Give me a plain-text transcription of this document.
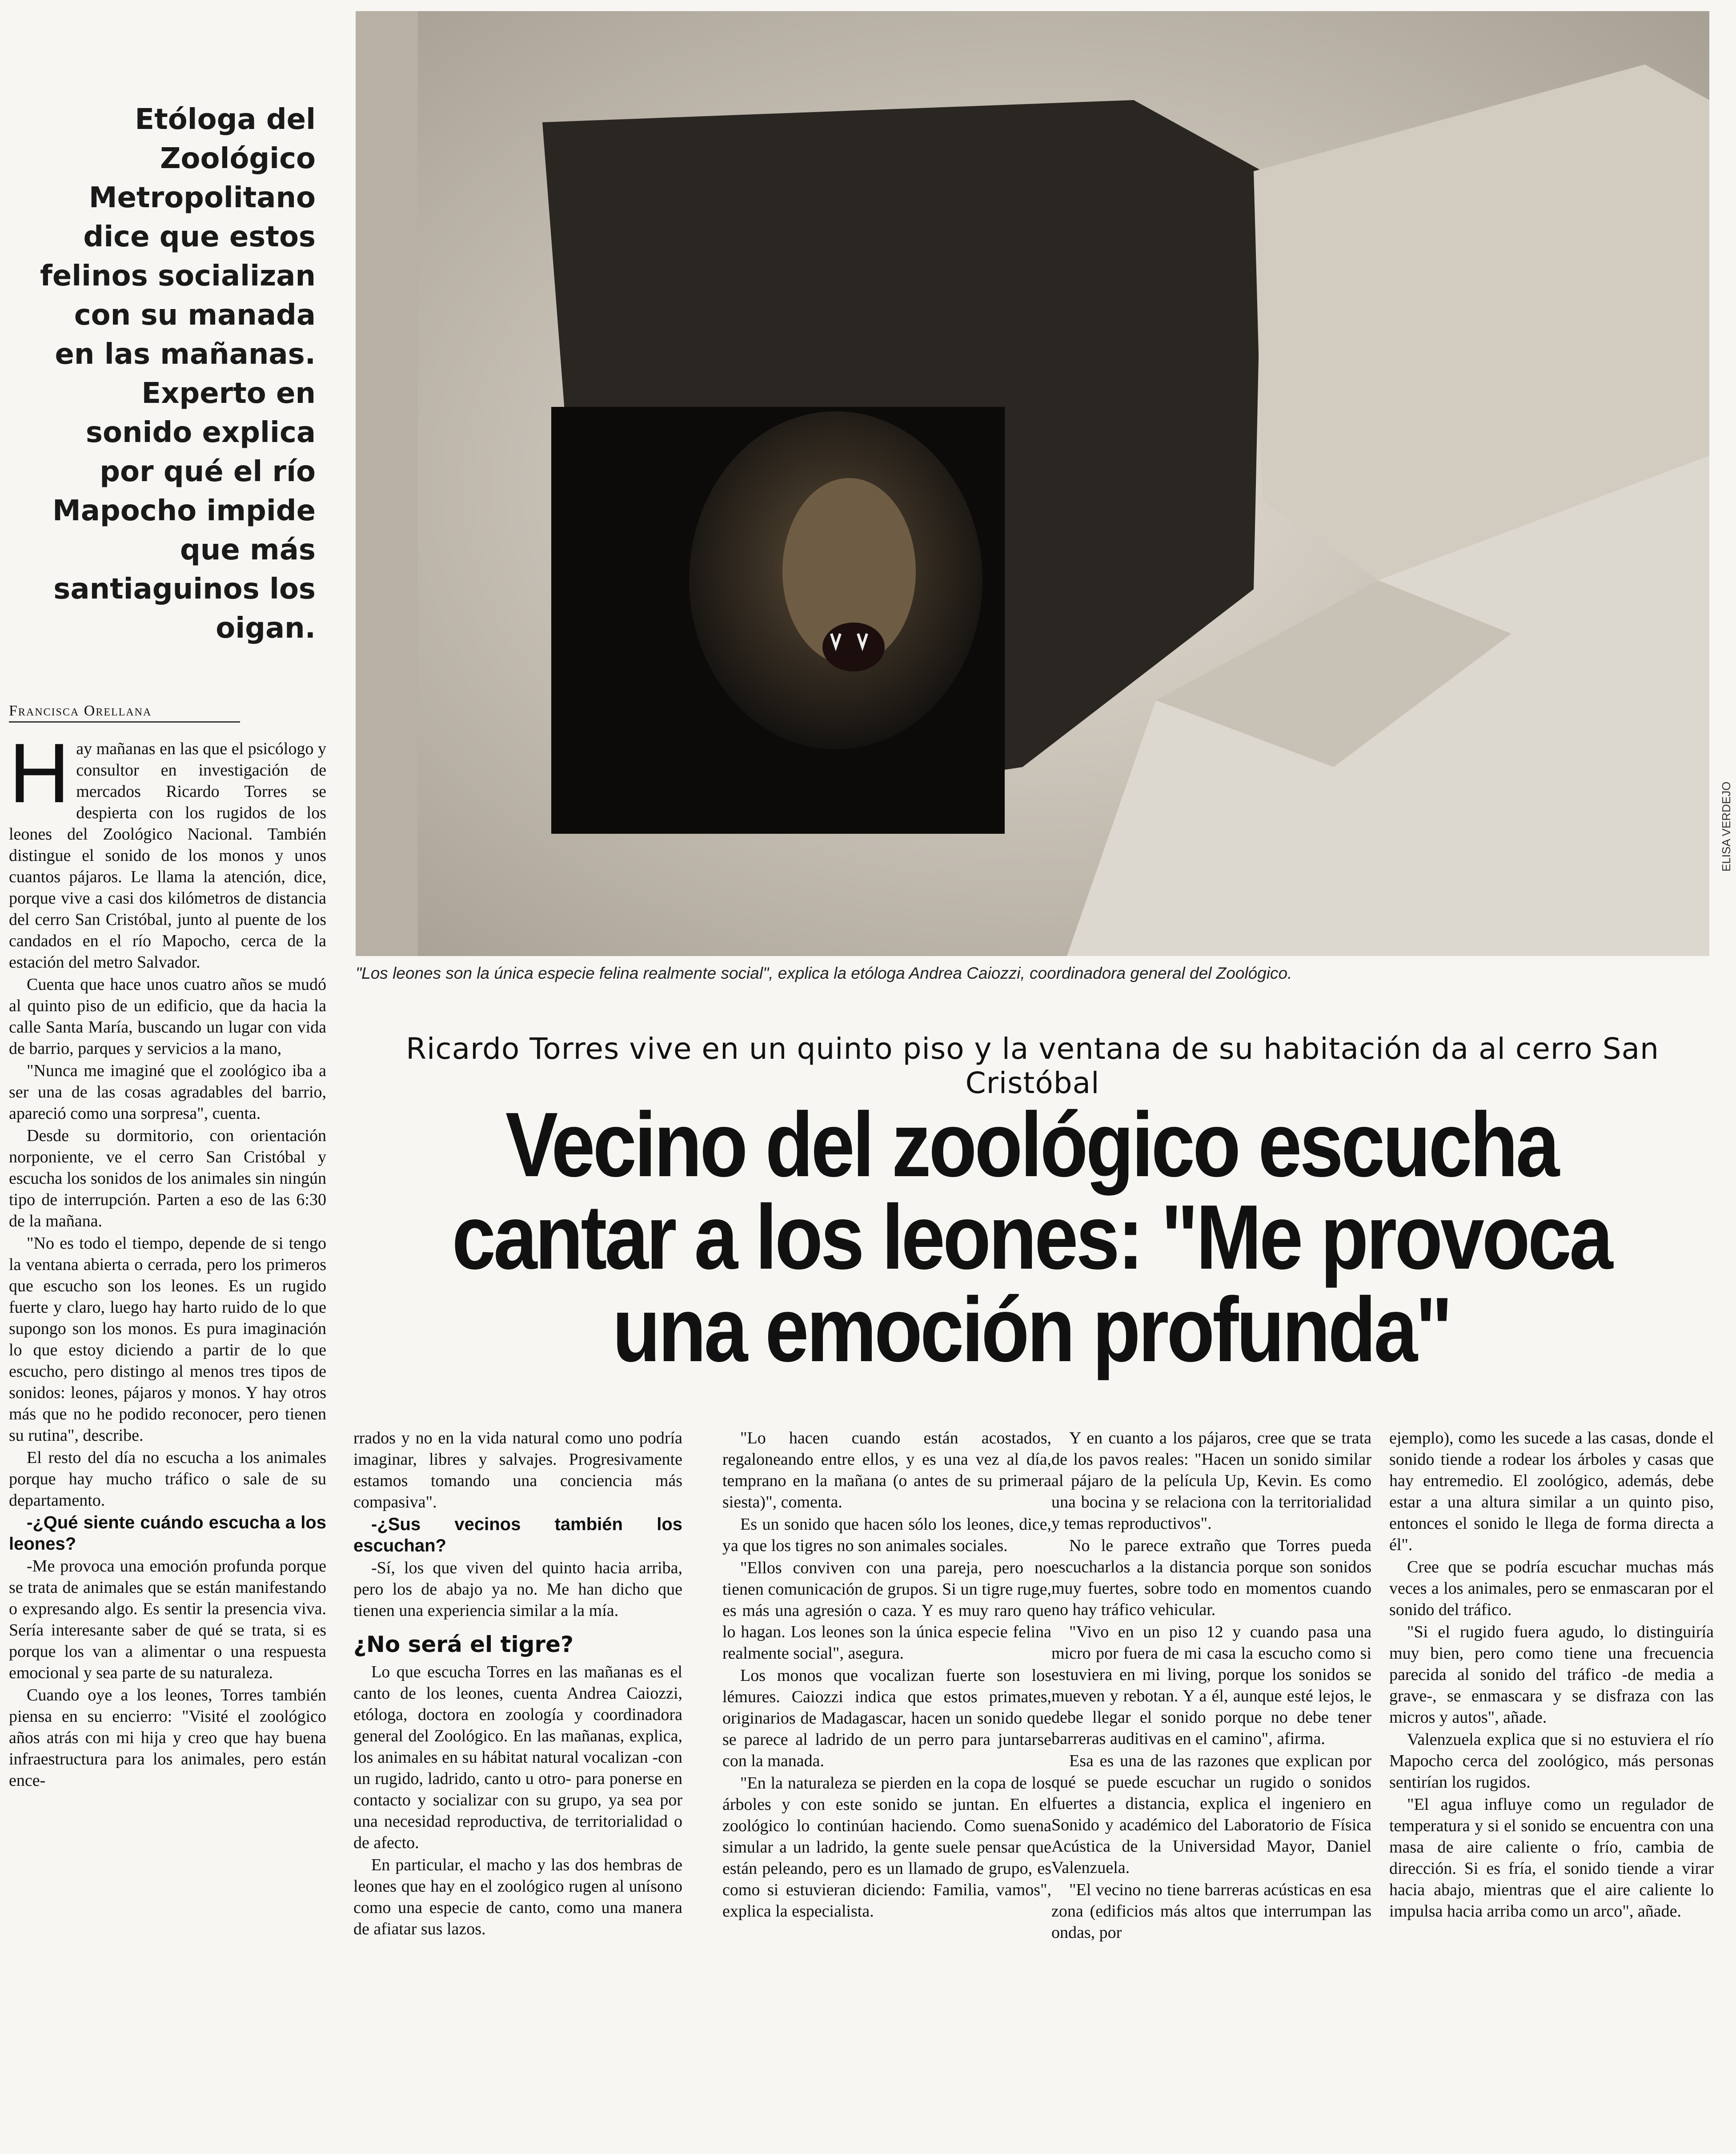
Etóloga del Zoológico Metropolitano dice que estos felinos socializan con su manada en las mañanas. Experto en sonido explica por qué el río Mapocho impide que más santiaguinos los oigan.
Francisca Orellana
ELISA VERDEJO
"Los leones son la única especie felina realmente social", explica la etóloga Andrea Caiozzi, coordinadora general del Zoológico.
Ricardo Torres vive en un quinto piso y la ventana de su habitación da al cerro San Cristóbal
Vecino del zoológico escucha cantar a los leones: "Me provoca una emoción profunda"

Hay mañanas en las que el psicólogo y consultor en investigación de mercados Ricardo Torres se despierta con los rugidos de los leones del Zoológico Nacional. También distingue el sonido de los monos y unos cuantos pájaros. Le llama la atención, dice, porque vive a casi dos kilómetros de distancia del cerro San Cristóbal, junto al puente de los candados en el río Mapocho, cerca de la estación del metro Salvador.

Cuenta que hace unos cuatro años se mudó al quinto piso de un edificio, que da hacia la calle Santa María, buscando un lugar con vida de barrio, parques y servicios a la mano,

"Nunca me imaginé que el zoológico iba a ser una de las cosas agradables del barrio, apareció como una sorpresa", cuenta.

Desde su dormitorio, con orientación norponiente, ve el cerro San Cristóbal y escucha los sonidos de los animales sin ningún tipo de interrupción. Parten a eso de las 6:30 de la mañana.

"No es todo el tiempo, depende de si tengo la ventana abierta o cerrada, pero los primeros que escucho son los leones. Es un rugido fuerte y claro, luego hay harto ruido de lo que supongo son los monos. Es pura imaginación lo que estoy diciendo a partir de lo que escucho, pero distingo al menos tres tipos de sonidos: leones, pájaros y monos. Y hay otros más que no he podido reconocer, pero tienen su rutina", describe.

El resto del día no escucha a los animales porque hay mucho tráfico o sale de su departamento.

-¿Qué siente cuándo escucha a los leones?

-Me provoca una emoción profunda porque se trata de animales que se están manifestando o expresando algo. Es sentir la presencia viva. Sería interesante saber de qué se trata, si es porque los van a alimentar o una respuesta emocional y sea parte de su naturaleza.

Cuando oye a los leones, Torres también piensa en su encierro: "Visité el zoológico años atrás con mi hija y creo que hay buena infraestructura para los animales, pero están ence-

rrados y no en la vida natural como uno podría imaginar, libres y salvajes. Progresivamente estamos tomando una conciencia más compasiva".

-¿Sus vecinos también los escuchan?

-Sí, los que viven del quinto hacia arriba, pero los de abajo ya no. Me han dicho que tienen una experiencia similar a la mía.

¿No será el tigre?

Lo que escucha Torres en las mañanas es el canto de los leones, cuenta Andrea Caiozzi, etóloga, doctora en zoología y coordinadora general del Zoológico. En las mañanas, explica, los animales en su hábitat natural vocalizan -con un rugido, ladrido, canto u otro- para ponerse en contacto y socializar con su grupo, ya sea por una necesidad reproductiva, de territorialidad o de afecto.

En particular, el macho y las dos hembras de leones que hay en el zoológico rugen al unísono como una especie de canto, como una manera de afiatar sus lazos.

"Lo hacen cuando están acostados, regaloneando entre ellos, y es una vez al día, temprano en la mañana (o antes de su primera siesta)", comenta.

Es un sonido que hacen sólo los leones, dice, ya que los tigres no son animales sociales.

"Ellos conviven con una pareja, pero no tienen comunicación de grupos. Si un tigre ruge, es más una agresión o caza. Y es muy raro que lo hagan. Los leones son la única especie felina realmente social", asegura.

Los monos que vocalizan fuerte son los lémures. Caiozzi indica que estos primates, originarios de Madagascar, hacen un sonido que se parece al ladrido de un perro para juntarse con la manada.

"En la naturaleza se pierden en la copa de los árboles y con este sonido se juntan. En el zoológico lo continúan haciendo. Como suena simular a un ladrido, la gente suele pensar que están peleando, pero es un llamado de grupo, es como si estuvieran diciendo: Familia, vamos", explica la especialista.

Y en cuanto a los pájaros, cree que se trata de los pavos reales: "Hacen un sonido similar al pájaro de la película Up, Kevin. Es como una bocina y se relaciona con la territorialidad y temas reproductivos".

No le parece extraño que Torres pueda escucharlos a la distancia porque son sonidos muy fuertes, sobre todo en momentos cuando no hay tráfico vehicular.

"Vivo en un piso 12 y cuando pasa una micro por fuera de mi casa la escucho como si estuviera en mi living, porque los sonidos se mueven y rebotan. Y a él, aunque esté lejos, le debe llegar el sonido porque no debe tener barreras auditivas en el camino", afirma.

Esa es una de las razones que explican por qué se puede escuchar un rugido o sonidos fuertes a distancia, explica el ingeniero en Sonido y académico del Laboratorio de Física Acústica de la Universidad Mayor, Daniel Valenzuela.

"El vecino no tiene barreras acústicas en esa zona (edificios más altos que interrumpan las ondas, por

ejemplo), como les sucede a las casas, donde el sonido tiende a rodear los árboles y casas que hay entremedio. El zoológico, además, debe estar a una altura similar a un quinto piso, entonces el sonido le llega de forma directa a él".

Cree que se podría escuchar muchas más veces a los animales, pero se enmascaran por el sonido del tráfico.

"Si el rugido fuera agudo, lo distinguiría muy bien, pero como tiene una frecuencia parecida al sonido del tráfico -de media a grave-, se enmascara y se disfraza con las micros y autos", añade.

Valenzuela explica que si no estuviera el río Mapocho cerca del zoológico, más personas sentirían los rugidos.

"El agua influye como un regulador de temperatura y si el sonido se encuentra con una masa de aire caliente o frío, cambia de dirección. Si es fría, el sonido tiende a virar hacia abajo, mientras que el aire caliente lo impulsa hacia arriba como un arco", añade.
